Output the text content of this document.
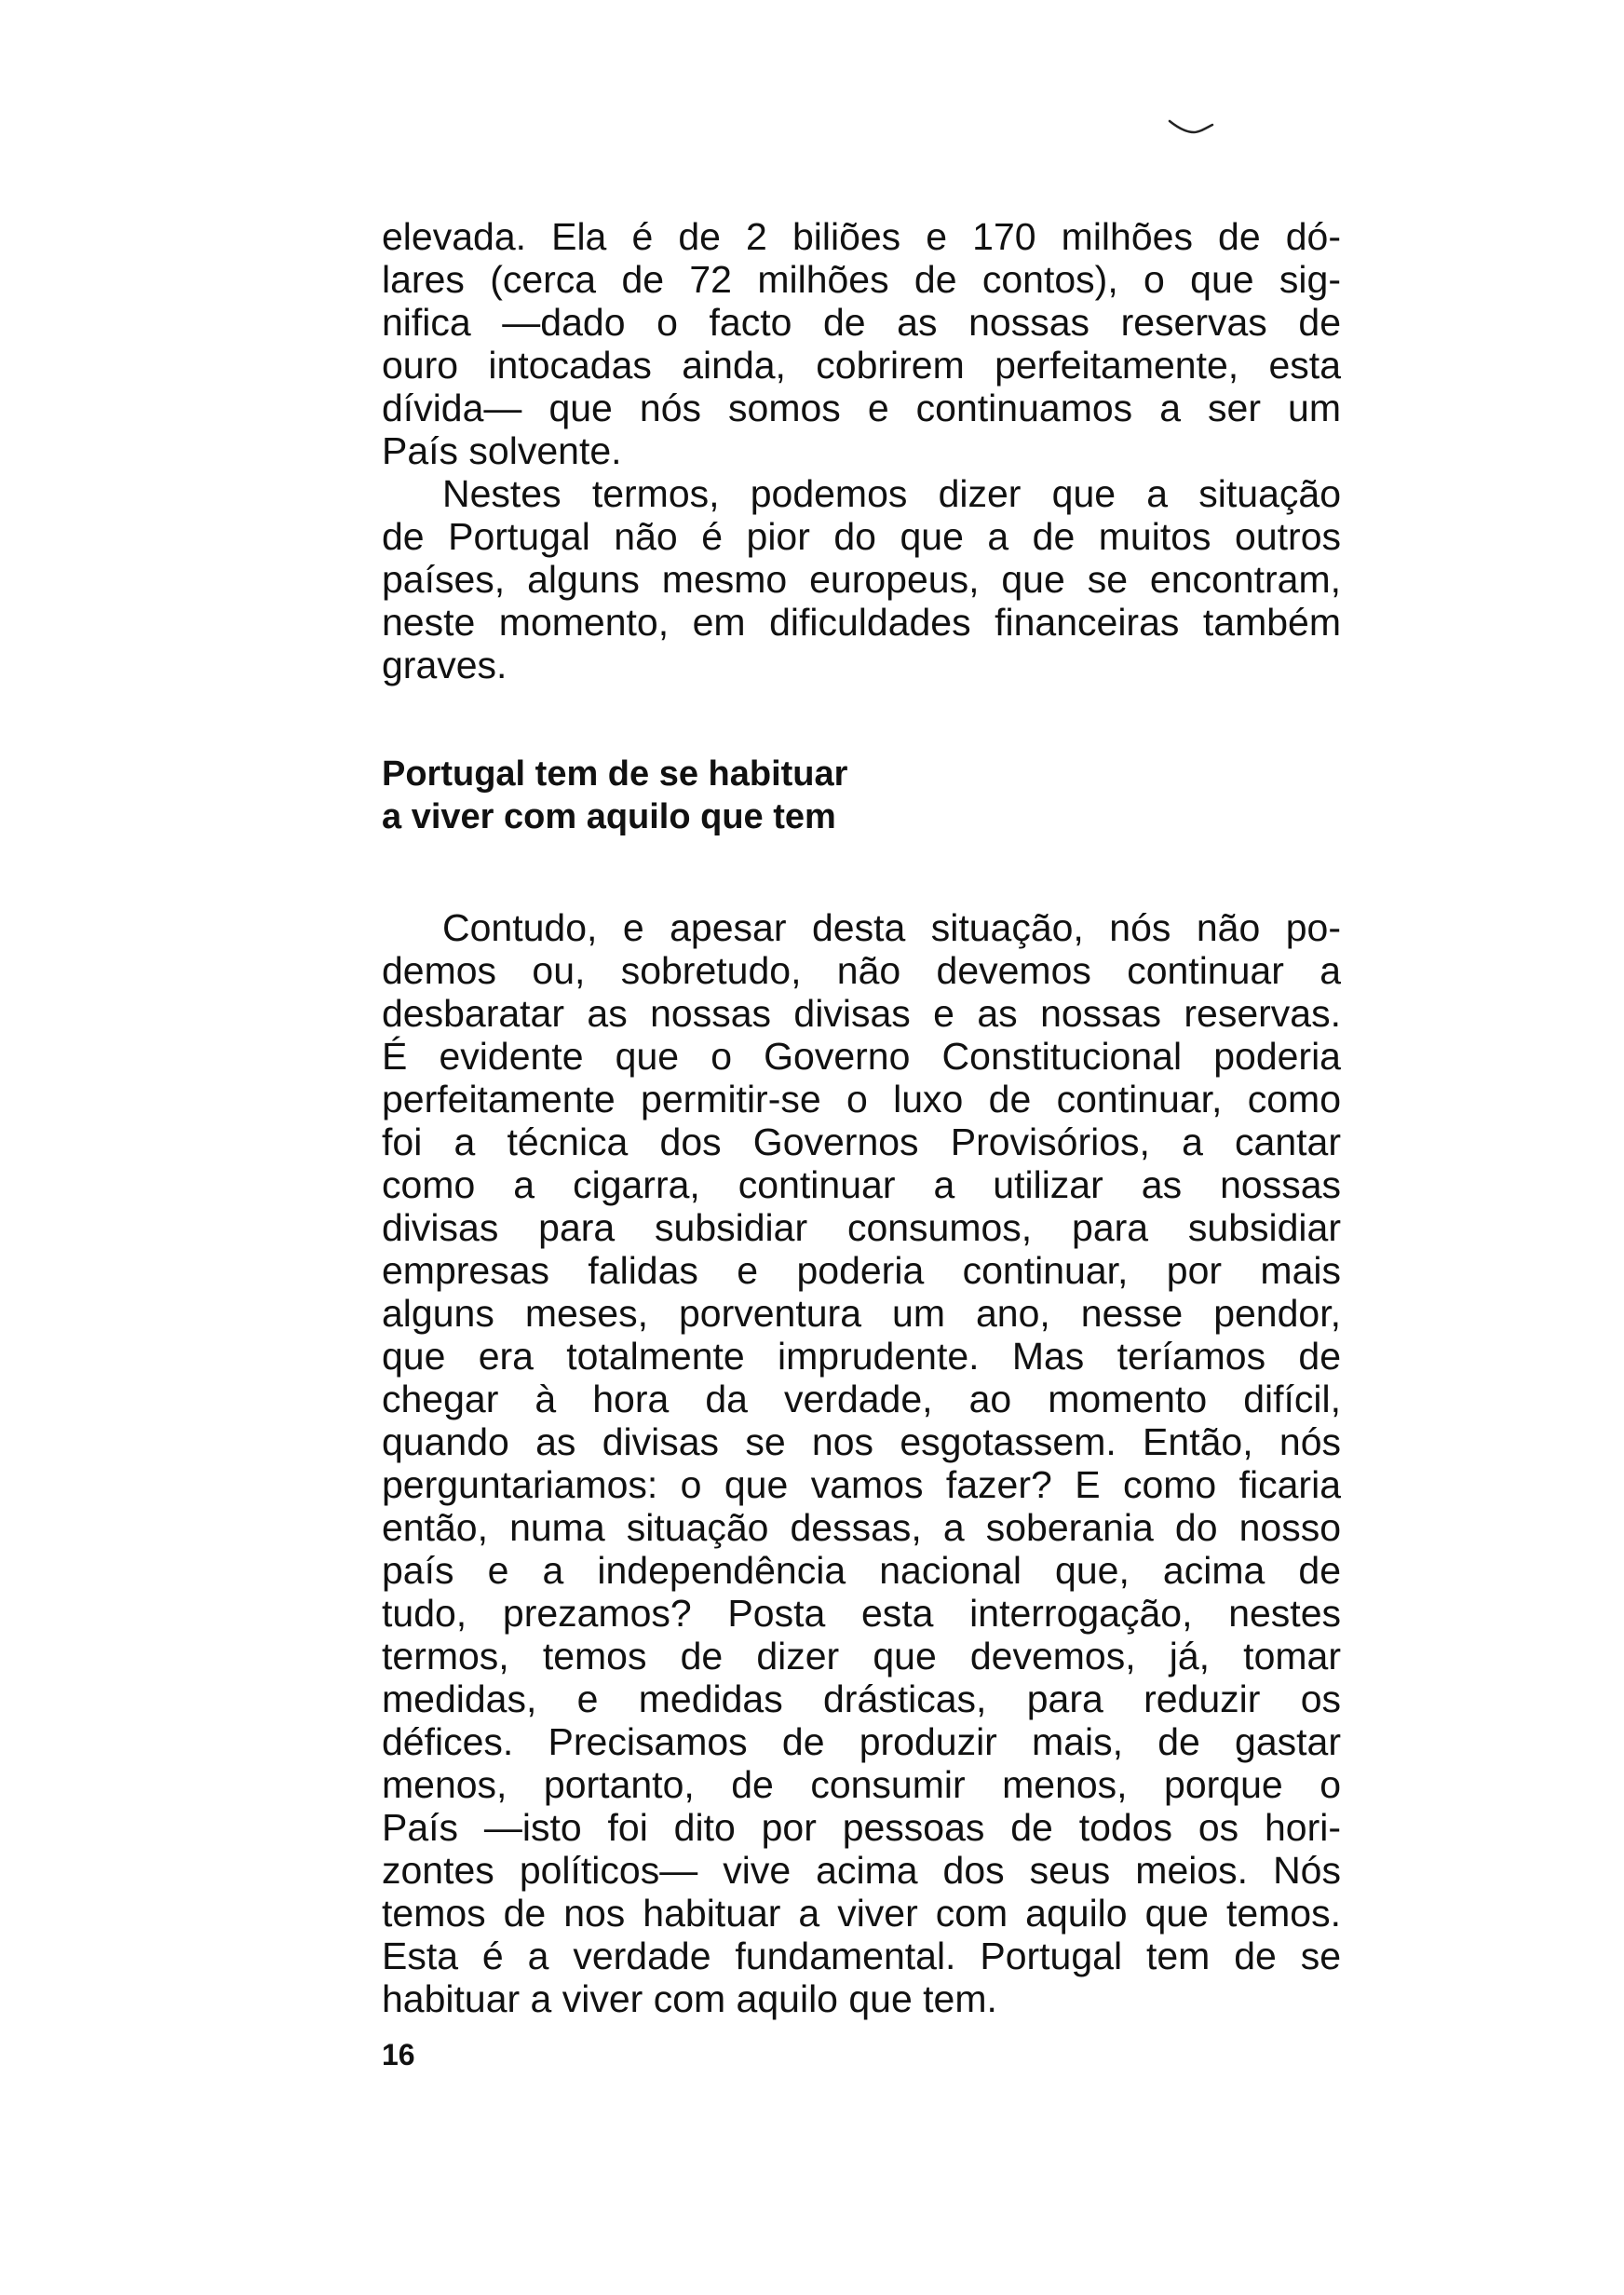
elevada. Ela é de 2 biliões e 170 milhões de dó-
lares (cerca de 72 milhões de contos), o que sig-
nifica —dado o facto de as nossas reservas de
ouro intocadas ainda, cobrirem perfeitamente, esta
dívida— que nós somos e continuamos a ser um
País solvente.
Nestes termos, podemos dizer que a situação
de Portugal não é pior do que a de muitos outros
países, alguns mesmo europeus, que se encontram,
neste momento, em dificuldades financeiras também
graves.
Portugal tem de se habituar
a viver com aquilo que tem
Contudo, e apesar desta situação, nós não po-
demos ou, sobretudo, não devemos continuar a
desbaratar as nossas divisas e as nossas reservas.
É evidente que o Governo Constitucional poderia
perfeitamente permitir-se o luxo de continuar, como
foi a técnica dos Governos Provisórios, a cantar
como a cigarra, continuar a utilizar as nossas
divisas para subsidiar consumos, para subsidiar
empresas falidas e poderia continuar, por mais
alguns meses, porventura um ano, nesse pendor,
que era totalmente imprudente. Mas teríamos de
chegar à hora da verdade, ao momento difícil,
quando as divisas se nos esgotassem. Então, nós
perguntariamos: o que vamos fazer? E como ficaria
então, numa situação dessas, a soberania do nosso
país e a independência nacional que, acima de
tudo, prezamos? Posta esta interrogação, nestes
termos, temos de dizer que devemos, já, tomar
medidas, e medidas drásticas, para reduzir os
défices. Precisamos de produzir mais, de gastar
menos, portanto, de consumir menos, porque o
País —isto foi dito por pessoas de todos os hori-
zontes políticos— vive acima dos seus meios. Nós
temos de nos habituar a viver com aquilo que temos.
Esta é a verdade fundamental. Portugal tem de se
habituar a viver com aquilo que tem.
16
